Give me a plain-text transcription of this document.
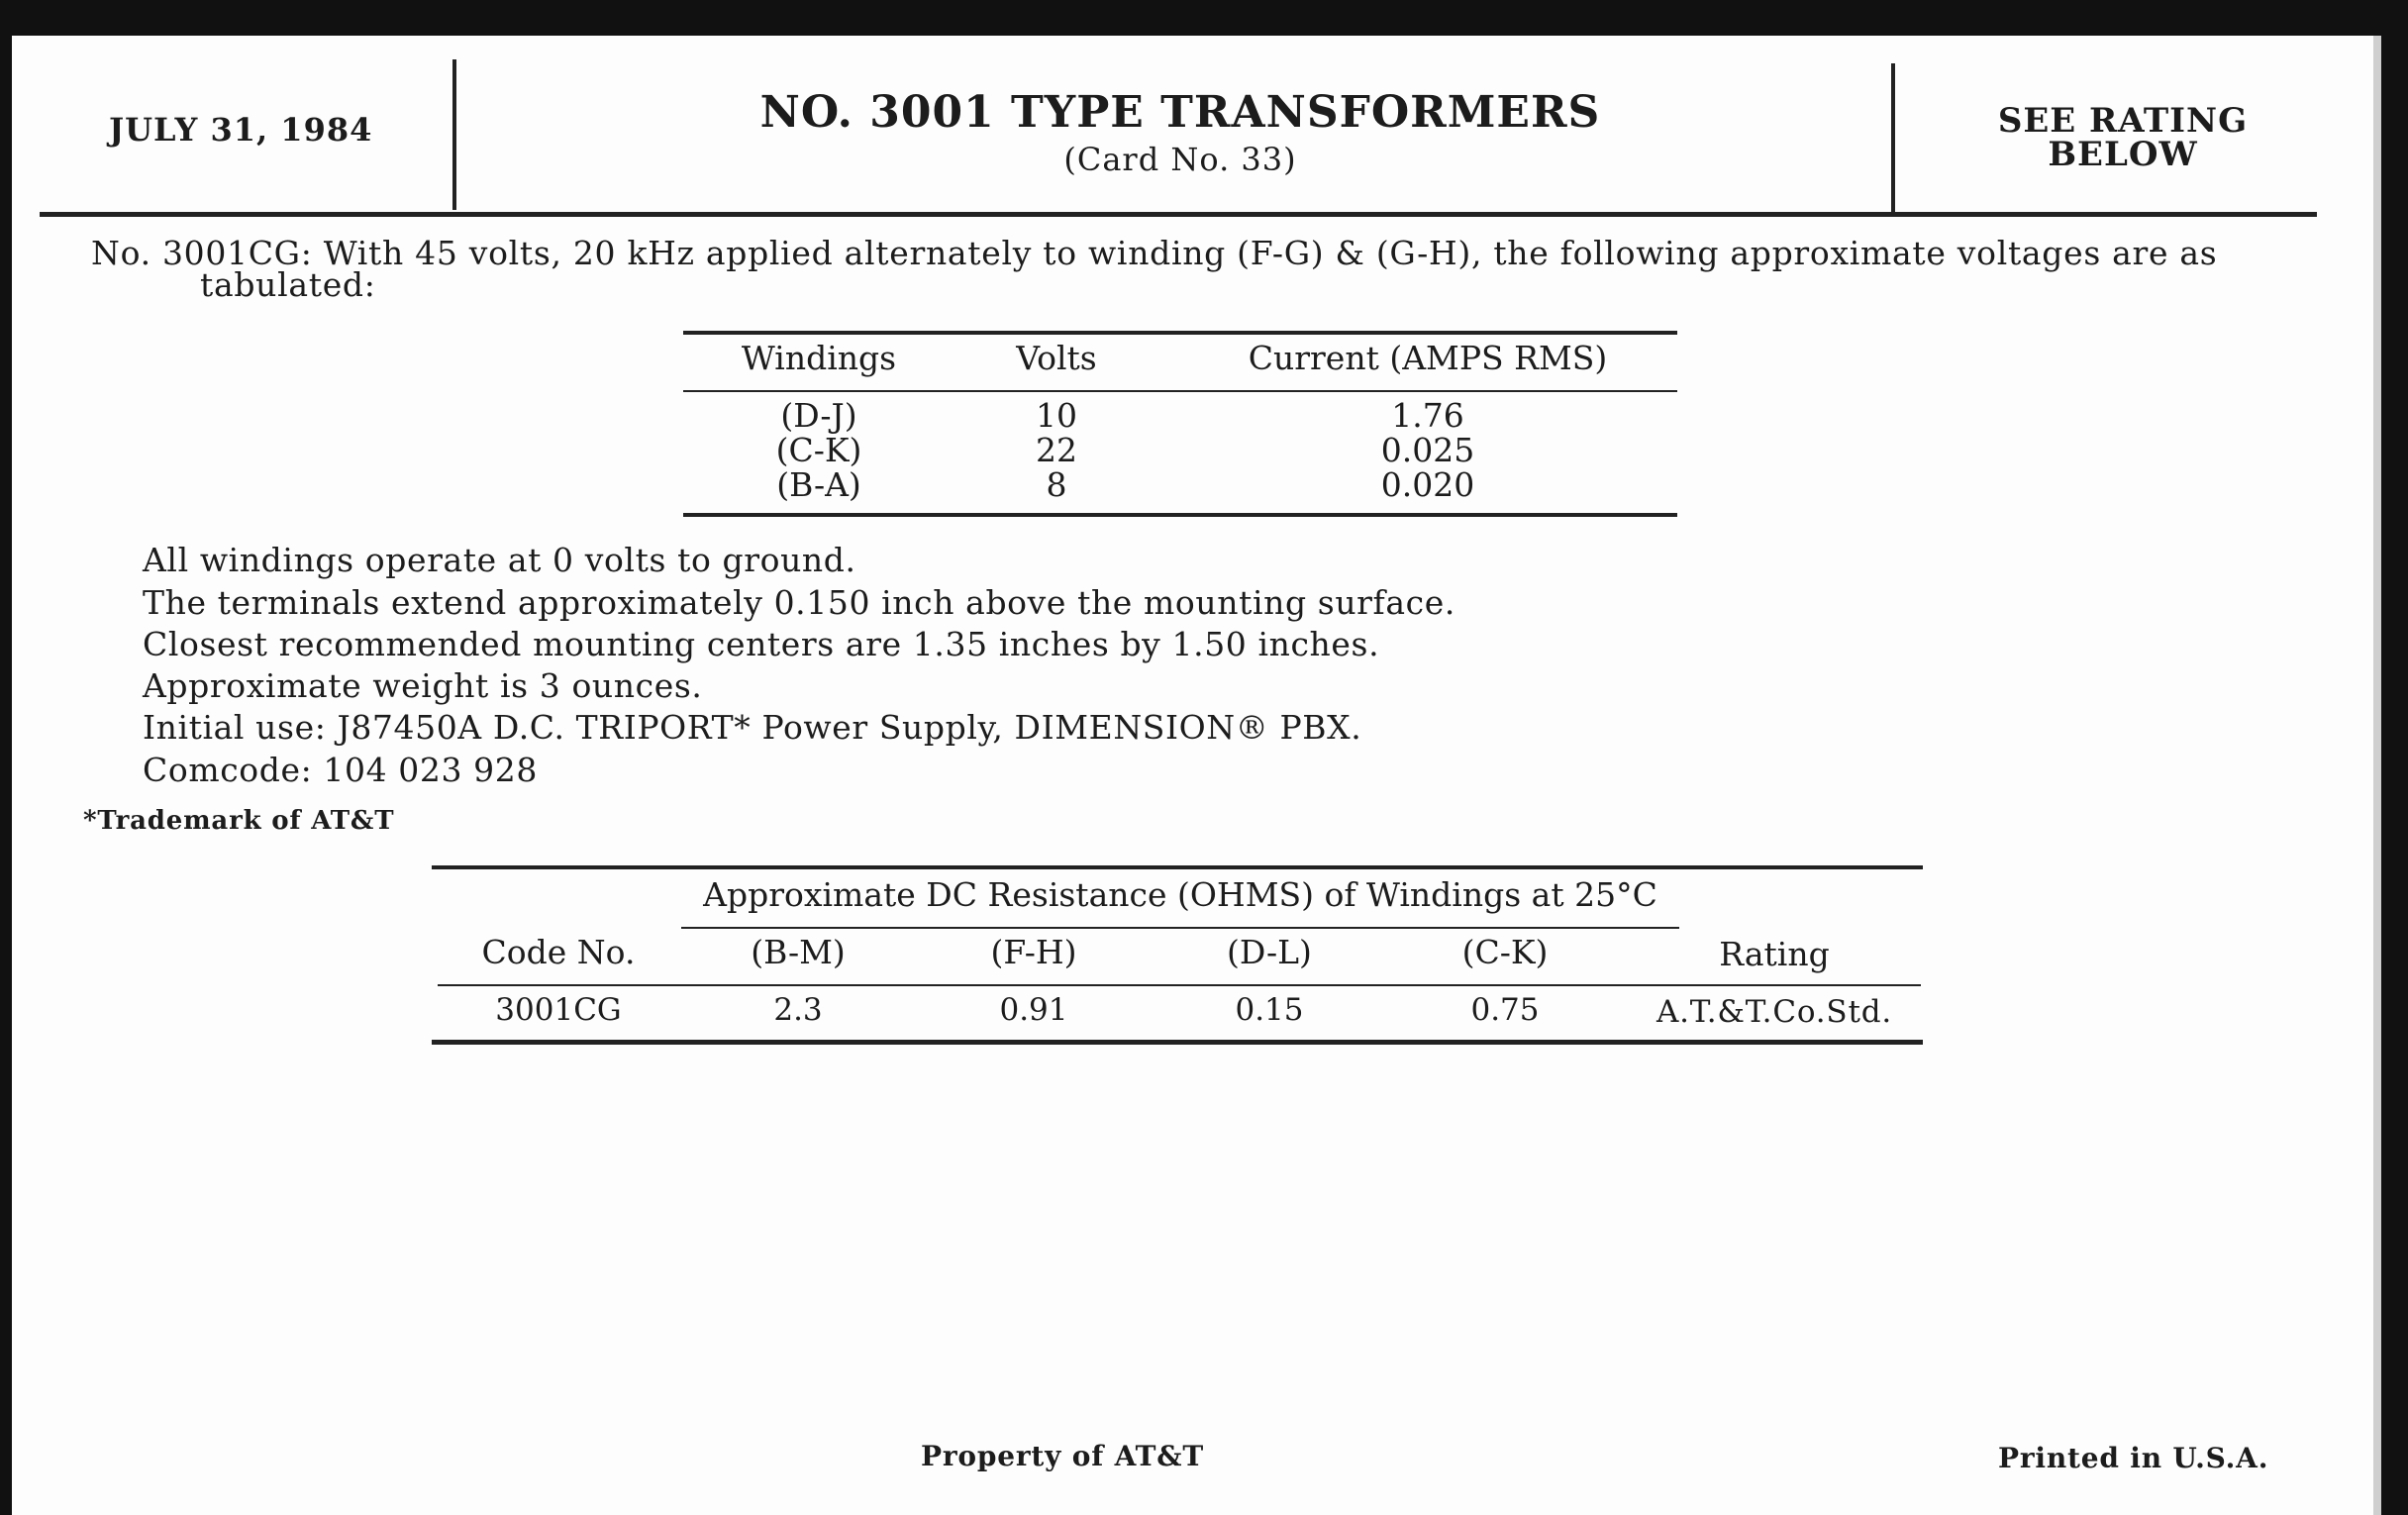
JULY 31, 1984	NO. 3001 TYPE TRANSFORMERS
(Card No. 33)
SEE RATING
BELOW
No. 3001CG: With 45 volts, 20 kHz applied alternately to winding (F-G) & (G-H), the following approximate voltages are as
tabulated:
Windings	Volts	Current (AMPS RMS)
(D-J)	10	1.76
(C-K)	22	0.025
(B-A)	8	0.020
All windings operate at 0 volts to ground.
The terminals extend approximately 0.150 inch above the mounting surface.
Closest recommended mounting centers are 1.35 inches by 1.50 inches.
Approximate weight is 3 ounces.
Initial use: J87450A D.C. TRIPORT* Power Supply, DIMENSION® PBX.
Comcode: 104 023 928
*Trademark of AT&T
Approximate DC Resistance (OHMS) of Windings at 25°C
Code No.	(B-M)	(F-H)	(D-L)	(C-K)	Rating
3001CG	2.3	0.91	0.15	0.75	A.T.&T.Co.Std.
Property of AT&T	Printed in U.S.A.
